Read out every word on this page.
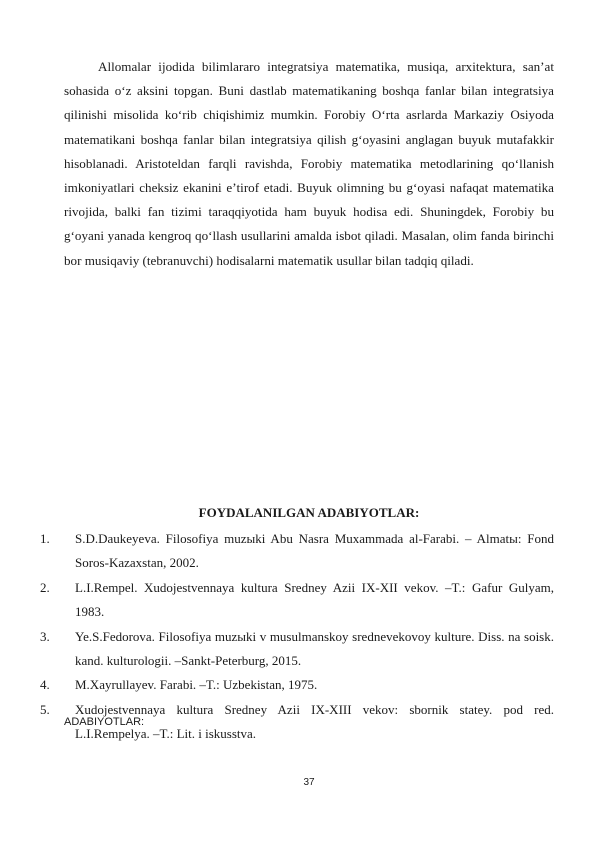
Allomalar ijodida bilimlararo integratsiya matematika, musiqa, arxitektura, sanʼat sohasida oʻz aksini topgan. Buni dastlab matematikaning boshqa fanlar bilan integratsiya qilinishi misolida koʻrib chiqishimiz mumkin. Forobiy Oʻrta asrlarda Markaziy Osiyoda matematikani boshqa fanlar bilan integratsiya qilish gʻoyasini anglagan buyuk mutafakkir hisoblanadi. Aristoteldan farqli ravishda, Forobiy matematika metodlarining qoʻllanish imkoniyatlari cheksiz ekanini eʼtirof etadi. Buyuk olimning bu gʻoyasi nafaqat matematika rivojida, balki fan tizimi taraqqiyotida ham buyuk hodisa edi. Shuningdek, Forobiy bu gʻoyani yanada kengroq qoʻllash usullarini amalda isbot qiladi. Masalan, olim fanda birinchi bor musiqaviy (tebranuvchi) hodisalarni matematik usullar bilan tadqiq qiladi.

FOYDALANILGAN ADABIYOTLAR:
1.	S.D.Daukeyeva. Filosofiya muzыki Abu Nasra Muxammada al-Farabi. – Almatы: Fond Soros-Kazaxstan, 2002.
2.	L.I.Rempel. Xudojestvennaya kultura Sredney Azii IX-XII vekov. –T.: Gafur Gulyam, 1983.
3.	Ye.S.Fedorova. Filosofiya muzыki v musulmanskoy srednevekovoy kulture. Diss. na soisk. kand. kulturologii. –Sankt-Peterburg, 2015.
4.	M.Xayrullayev. Farabi. –T.: Uzbekistan, 1975.
5.	Xudojestvennaya kultura Sredney Azii IX-XIII vekov: sbornik statey. pod red. L.I.Rempelya. –T.: Lit. i iskusstva.

ADABIYOTLAR:

37
